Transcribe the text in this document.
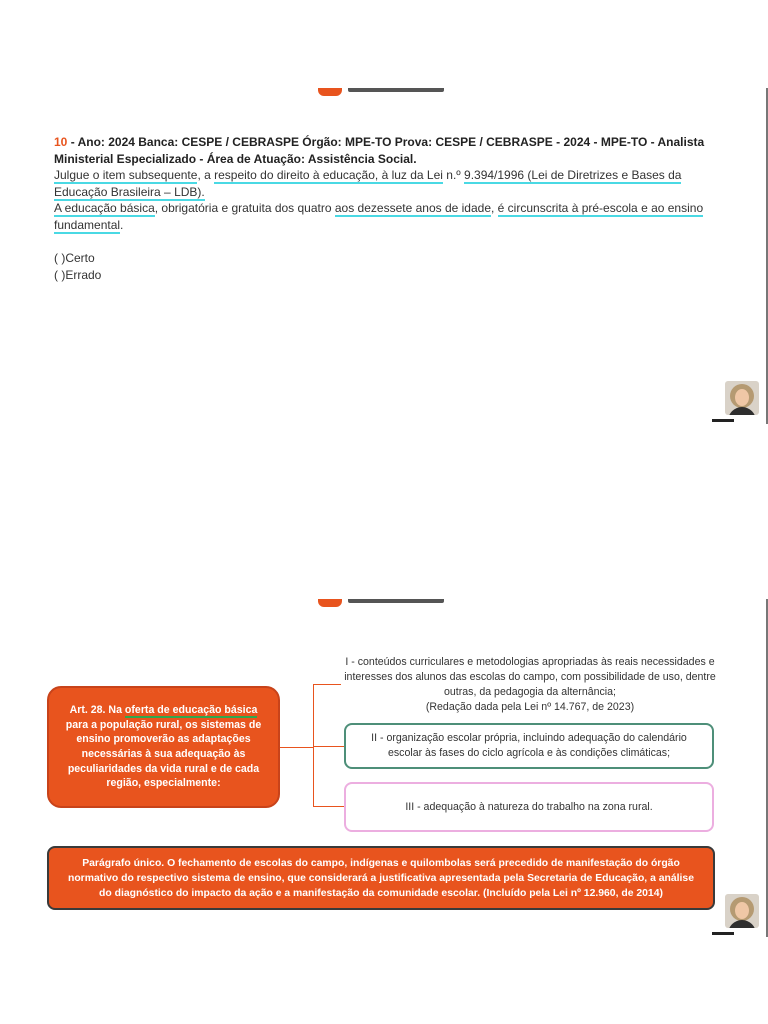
10 - Ano: 2024 Banca: CESPE / CEBRASPE Órgão: MPE-TO Prova: CESPE / CEBRASPE - 2024 - MPE-TO - Analista Ministerial Especializado - Área de Atuação: Assistência Social.
Julgue o item subsequente, a respeito do direito à educação, à luz da Lei n.º 9.394/1996 (Lei de Diretrizes e Bases da Educação Brasileira – LDB).
A educação básica, obrigatória e gratuita dos quatro aos dezessete anos de idade, é circunscrita à pré-escola e ao ensino fundamental.
( )Certo
( )Errado
Art. 28. Na oferta de educação básica para a população rural, os sistemas de ensino promoverão as adaptações necessárias à sua adequação às peculiaridades da vida rural e de cada região, especialmente:
I - conteúdos curriculares e metodologias apropriadas às reais necessidades e interesses dos alunos das escolas do campo, com possibilidade de uso, dentre outras, da pedagogia da alternância;
(Redação dada pela Lei nº 14.767, de 2023)
II - organização escolar própria, incluindo adequação do calendário escolar às fases do ciclo agrícola e às condições climáticas;
III - adequação à natureza do trabalho na zona rural.
Parágrafo único. O fechamento de escolas do campo, indígenas e quilombolas será precedido de manifestação do órgão normativo do respectivo sistema de ensino, que considerará a justificativa apresentada pela Secretaria de Educação, a análise do diagnóstico do impacto da ação e a manifestação da comunidade escolar. (Incluído pela Lei nº 12.960, de 2014)
